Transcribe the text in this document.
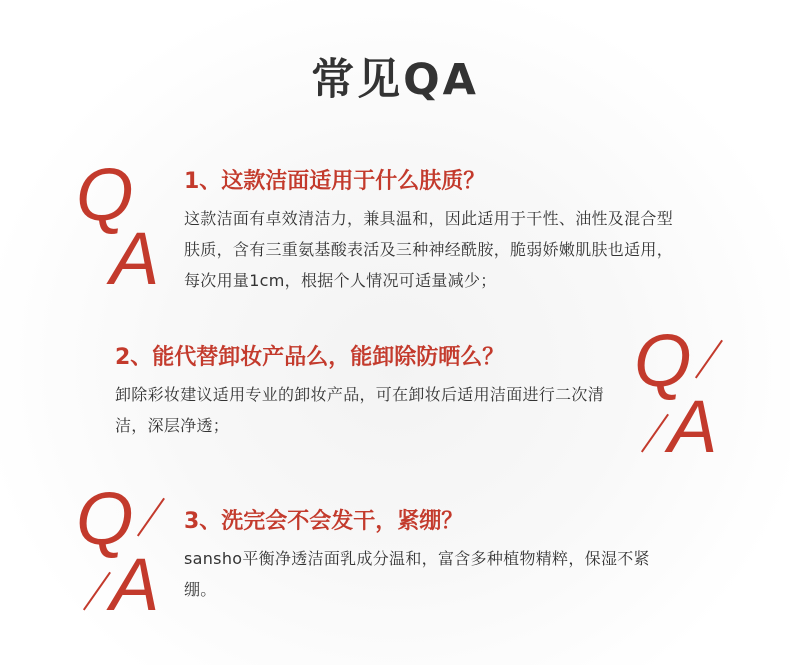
常见QA
Q
A
1、这款洁面适用于什么肤质？
这款洁面有卓效清洁力，兼具温和，因此适用于干性、油性及混合型肤质，含有三重氨基酸表活及三种神经酰胺，脆弱娇嫩肌肤也适用，每次用量1cm，根据个人情况可适量减少；
2、能代替卸妆产品么，能卸除防晒么？
卸除彩妆建议适用专业的卸妆产品，可在卸妆后适用洁面进行二次清洁，深层净透；
Q
A
Q
A
3、洗完会不会发干，紧绷？
sansho平衡净透洁面乳成分温和，富含多种植物精粹，保湿不紧绷。
